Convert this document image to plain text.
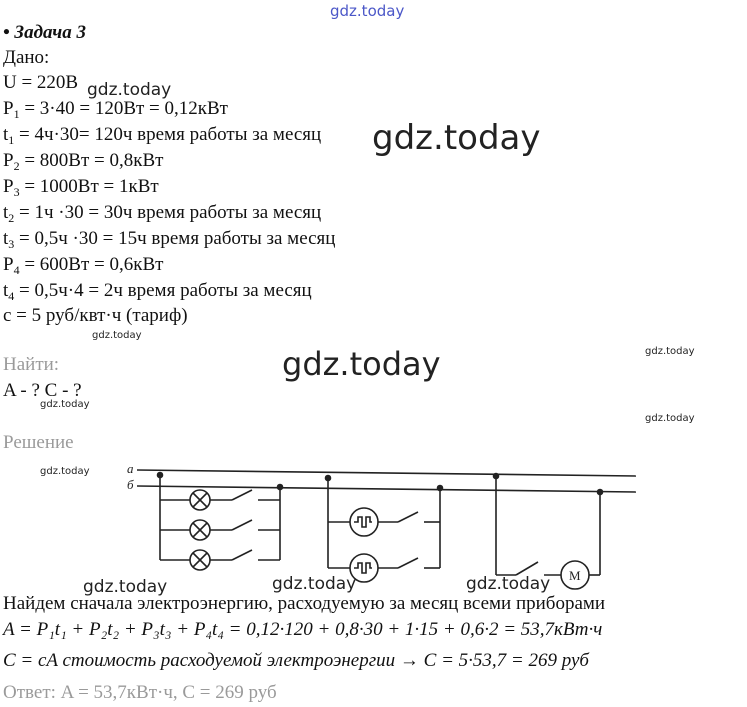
gdz.today
gdz.today
gdz.today
gdz.today
gdz.today
gdz.today
gdz.today
gdz.today
gdz.today
gdz.today	gdz.today	gdz.today
• Задача 3
Дано:
U = 220В
$P_1 = 3\cdot 40 = 120Вт = 0,12кВт$
$t_1 = 4ч\cdot 30= 120ч$ время работы за месяц
$P_2 = 800Вт = 0,8кВт$
$P_3 = 1000Вт = 1кВт$
$t_2 = 1ч \cdot 30 = 30ч$ время работы за месяц
$t_3 = 0,5ч \cdot 30 = 15ч$ время работы за месяц
$P_4 = 600Вт = 0,6кВт$
$t_4 = 0,5ч\cdot 4 = 2ч$ время работы за месяц
c = 5 руб/квт·ч (тариф)
Найти:
A - ? C - ?
Решение
а
б
M
Найдем сначала электроэнергию, расходуемую за месяц всеми приборами
A = P₁t₁ + P₂t₂ + P₃t₃ + P₄t₄ = 0,12·120 + 0,8·30 + 1·15 + 0,6·2 = 53,7кВт·ч
C = cA стоимость расходуемой электроэнергии → C = 5·53,7 = 269 руб
Ответ: A = 53,7кВт·ч, C = 269 руб
